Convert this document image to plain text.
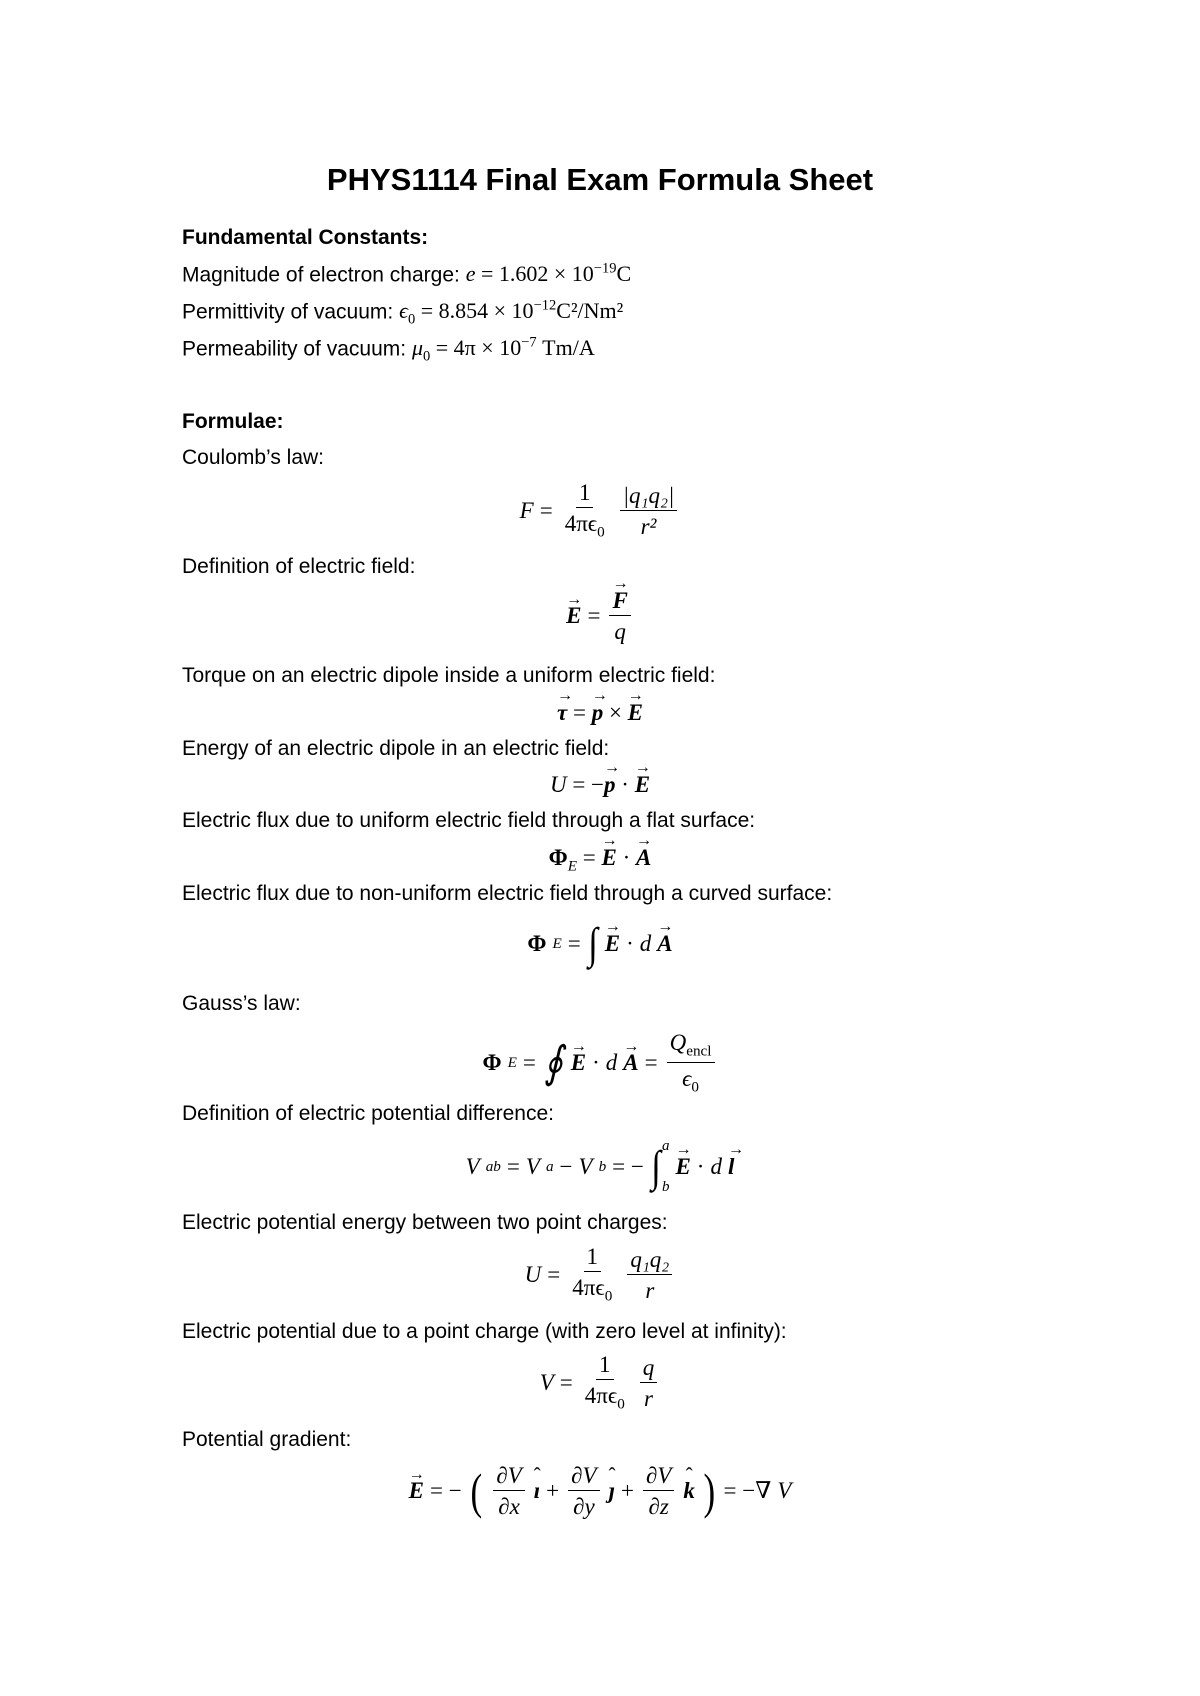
PHYS1114 Final Exam Formula Sheet
Fundamental Constants:
Magnitude of electron charge: $e = 1.602 \times 10^{-19}C$
Permittivity of vacuum: $\epsilon_0 = 8.854 \times 10^{-12}C^2/Nm^2$
Permeability of vacuum: $\mu_0 = 4\pi \times 10^{-7}$ Tm/A
Formulae:
Coulomb’s law:
$F = \frac{1}{4\pi\epsilon_0} \frac{\text{|q₁q₂|}}{\text{r²}}$
Definition of electric field:
→ E =
→ $\frac{F}{q}$
Torque on an electric dipole inside a uniform electric field:
→ τ = → p × → E
Energy of an electric dipole in an electric field:
U = −→ p · → E
Electric flux due to uniform electric field through a flat surface:
$\Phi_E$ = → E · → A
Electric flux due to non-uniform electric field through a curved surface:
Φ E = ∫
→ E · d
→ A
Gauss’s law:
Φ E = ∮
→ E · d
→ $A = \frac{Q_{encl}}{\epsilon_0}$
Definition of electric potential difference:
V ab = V a − V b = − ∫ a
b
→ E · d
→ l
Electric potential energy between two point charges:
$U = \frac{1}{4\pi\epsilon_0} \frac{\text{q₁q₂}}{r}$
Electric potential due to a point charge (with zero level at infinity):
$V = \frac{1}{4\pi\epsilon_0} \frac{q}{r}$
Potential gradient:
→ E = − ( $\frac{\partial V}{\partial x}$
ˆ ı + $\frac{\partial V}{\partial y}$
ˆ ȷ + $\frac{\partial V}{\partial z}$
ˆ k ) = −∇ V
